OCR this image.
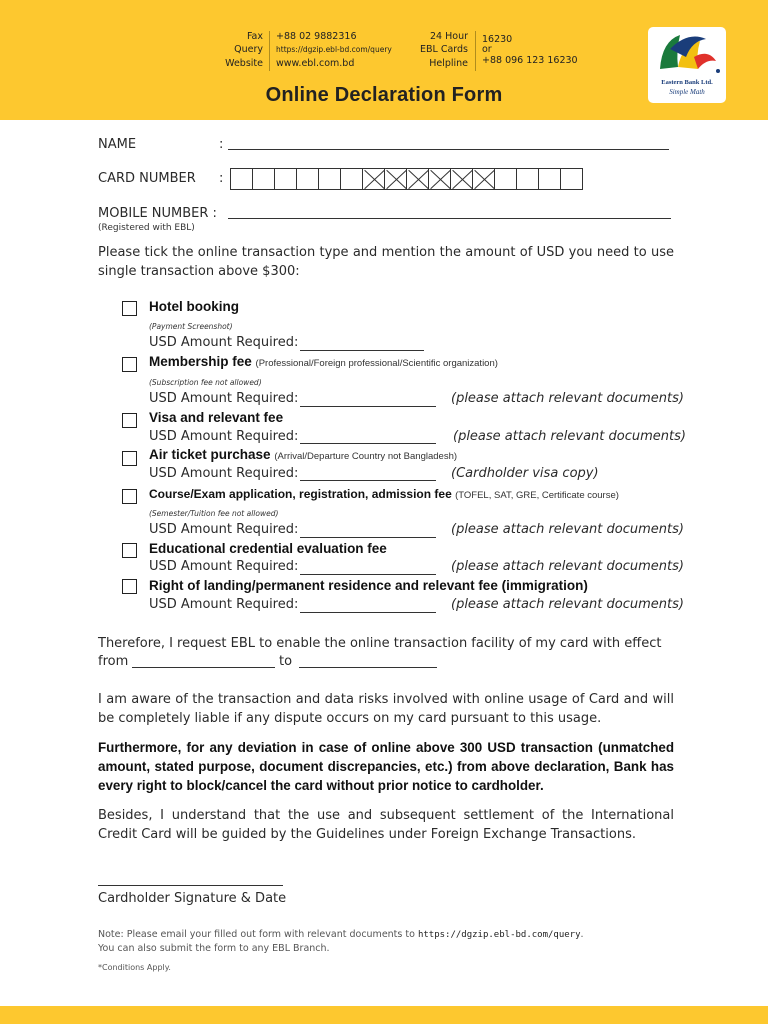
Fax
Query
Website
+88 02 9882316
https://dgzip.ebl-bd.com/query
www.ebl.com.bd
24 Hour
EBL Cards
Helpline
16230
or
+88 096 123 16230
Online Declaration Form
Eastern Bank Ltd.
Simple Math
NAME	:
CARD NUMBER :
MOBILE NUMBER :
(Registered with EBL)
Please tick the online transaction type and mention the amount of USD you need to use single transaction above $300:
Hotel booking
(Payment Screenshot)
USD Amount Required:
Membership fee (Professional/Foreign professional/Scientific organization)
(Subscription fee not allowed)
USD Amount Required:	(please attach relevant documents)
Visa and relevant fee
USD Amount Required:	(please attach relevant documents)
Air ticket purchase (Arrival/Departure Country not Bangladesh)
USD Amount Required:	(Cardholder visa copy)
Course/Exam application, registration, admission fee (TOFEL, SAT, GRE, Certificate course)
(Semester/Tuition fee not allowed)
USD Amount Required:	(please attach relevant documents)
Educational credential evaluation fee
USD Amount Required:	(please attach relevant documents)
Right of landing/permanent residence and relevant fee (immigration)
USD Amount Required:	(please attach relevant documents)
Therefore, I request EBL to enable the online transaction facility of my card with effect
from	to
I am aware of the transaction and data risks involved with online usage of Card and will be completely liable if any dispute occurs on my card pursuant to this usage.
Furthermore, for any deviation in case of online above 300 USD transaction (unmatched amount, stated purpose, document discrepancies, etc.) from above declaration, Bank has every right to block/cancel the card without prior notice to cardholder.
Besides, I understand that the use and subsequent settlement of the International Credit Card will be guided by the Guidelines under Foreign Exchange Transactions.
Cardholder Signature & Date
Note: Please email your filled out form with relevant documents to https://dgzip.ebl-bd.com/query.
You can also submit the form to any EBL Branch.
*Conditions Apply.
